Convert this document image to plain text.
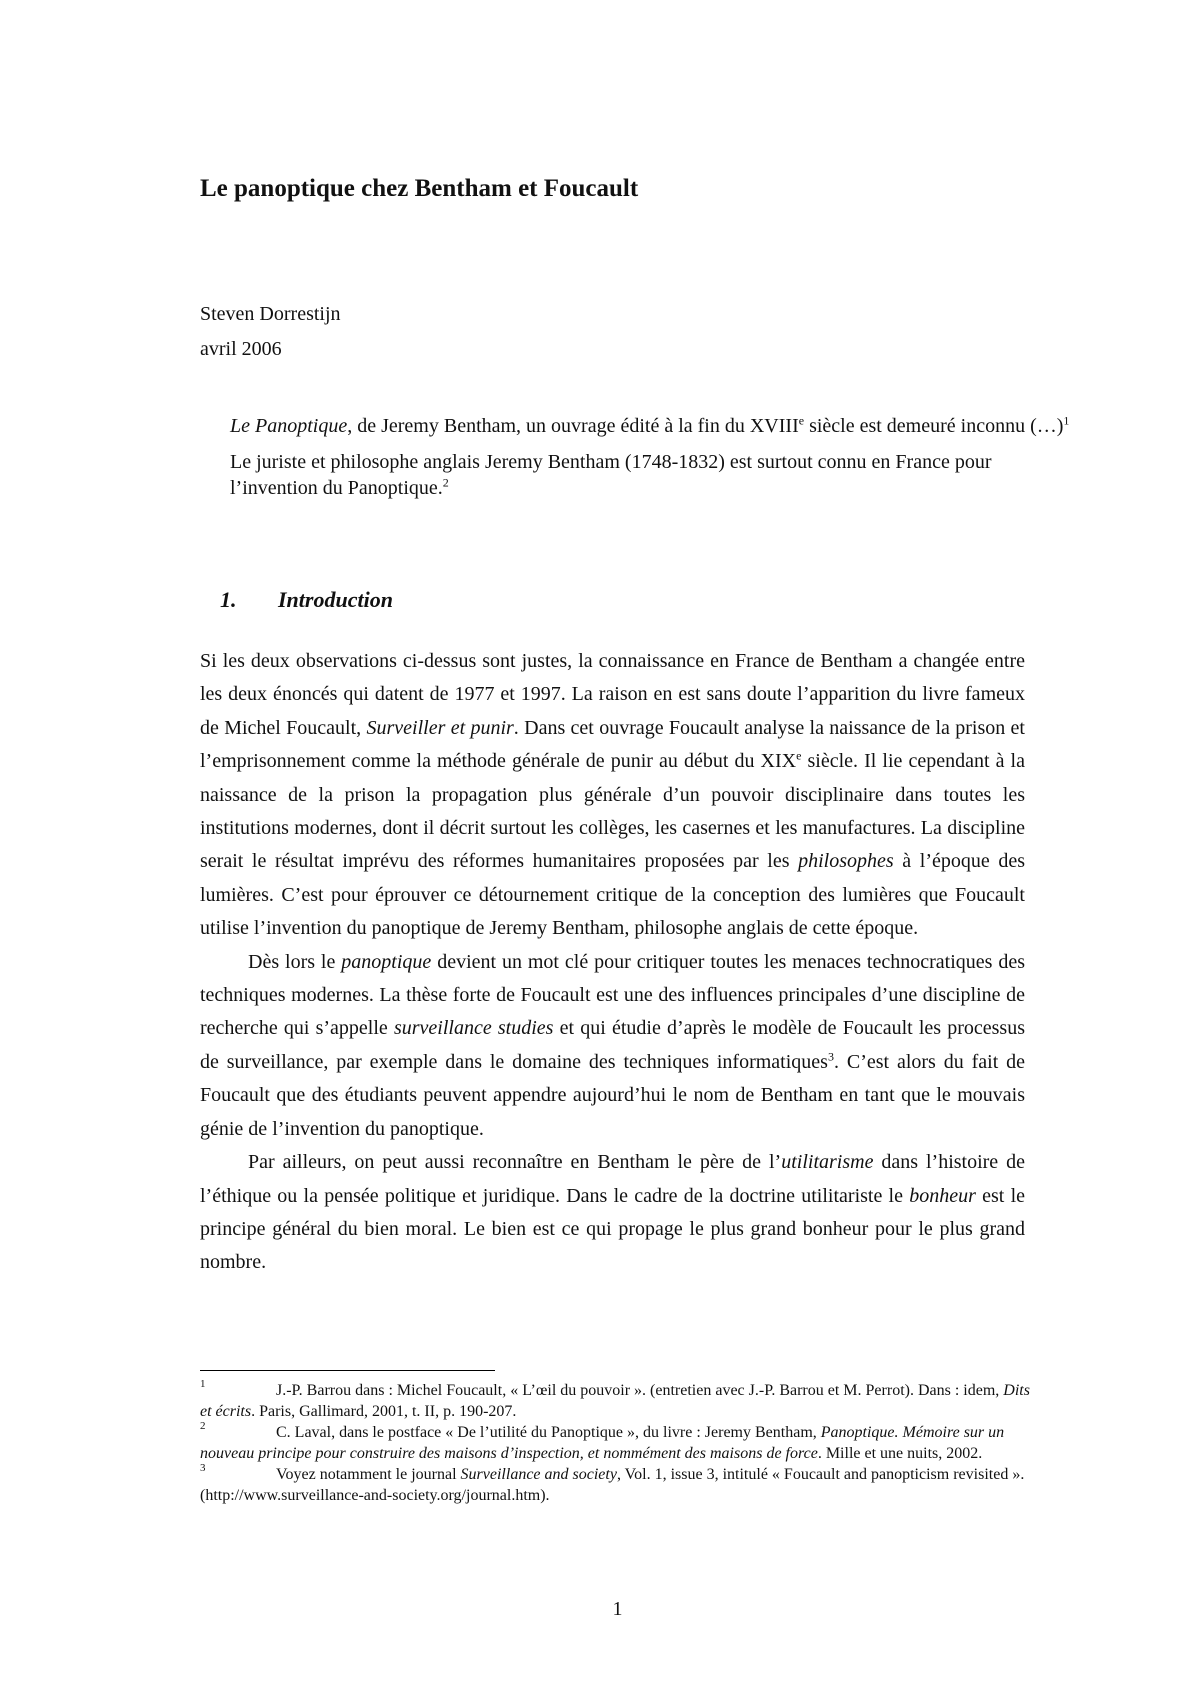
Le panoptique chez Bentham et Foucault
Steven Dorrestijn
avril 2006

Le Panoptique, de Jeremy Bentham, un ouvrage édité à la fin du XVIIIe siècle est demeuré inconnu (…)$^1$

Le juriste et philosophe anglais Jeremy Bentham (1748-1832) est surtout connu en France pour l’invention du Panoptique.$^2$

1. Introduction

Si les deux observations ci-dessus sont justes, la connaissance en France de Bentham a changée entre les deux énoncés qui datent de 1977 et 1997. La raison en est sans doute l’apparition du livre fameux de Michel Foucault, Surveiller et punir. Dans cet ouvrage Foucault analyse la naissance de la prison et l’emprisonnement comme la méthode générale de punir au début du XIXe siècle. Il lie cependant à la naissance de la prison la propagation plus générale d’un pouvoir disciplinaire dans toutes les institutions modernes, dont il décrit surtout les collèges, les casernes et les manufactures. La discipline serait le résultat imprévu des réformes humanitaires proposées par les philosophes à l’époque des lumières. C’est pour éprouver ce détournement critique de la conception des lumières que Foucault utilise l’invention du panoptique de Jeremy Bentham, philosophe anglais de cette époque.

Dès lors le panoptique devient un mot clé pour critiquer toutes les menaces technocratiques des techniques modernes. La thèse forte de Foucault est une des influences principales d’une discipline de recherche qui s’appelle surveillance studies et qui étudie d’après le modèle de Foucault les processus de surveillance, par exemple dans le domaine des techniques informatiques$^3$. C’est alors du fait de Foucault que des étudiants peuvent appendre aujourd’hui le nom de Bentham en tant que le mouvais génie de l’invention du panoptique.

Par ailleurs, on peut aussi reconnaître en Bentham le père de l’utilitarisme dans l’histoire de l’éthique ou la pensée politique et juridique. Dans le cadre de la doctrine utilitariste le bonheur est le principe général du bien moral. Le bien est ce qui propage le plus grand bonheur pour le plus grand nombre.

1	J.-P. Barrou dans : Michel Foucault, « L’œil du pouvoir ». (entretien avec J.-P. Barrou et M. Perrot). Dans : idem, Dits et écrits. Paris, Gallimard, 2001, t. II, p. 190-207.

2	C. Laval, dans le postface « De l’utilité du Panoptique », du livre : Jeremy Bentham, Panoptique. Mémoire sur un nouveau principe pour construire des maisons d’inspection, et nommément des maisons de force. Mille et une nuits, 2002.

3	Voyez notamment le journal Surveillance and society, Vol. 1, issue 3, intitulé « Foucault and panopticism revisited ». (http://www.surveillance-and-society.org/journal.htm).

1
